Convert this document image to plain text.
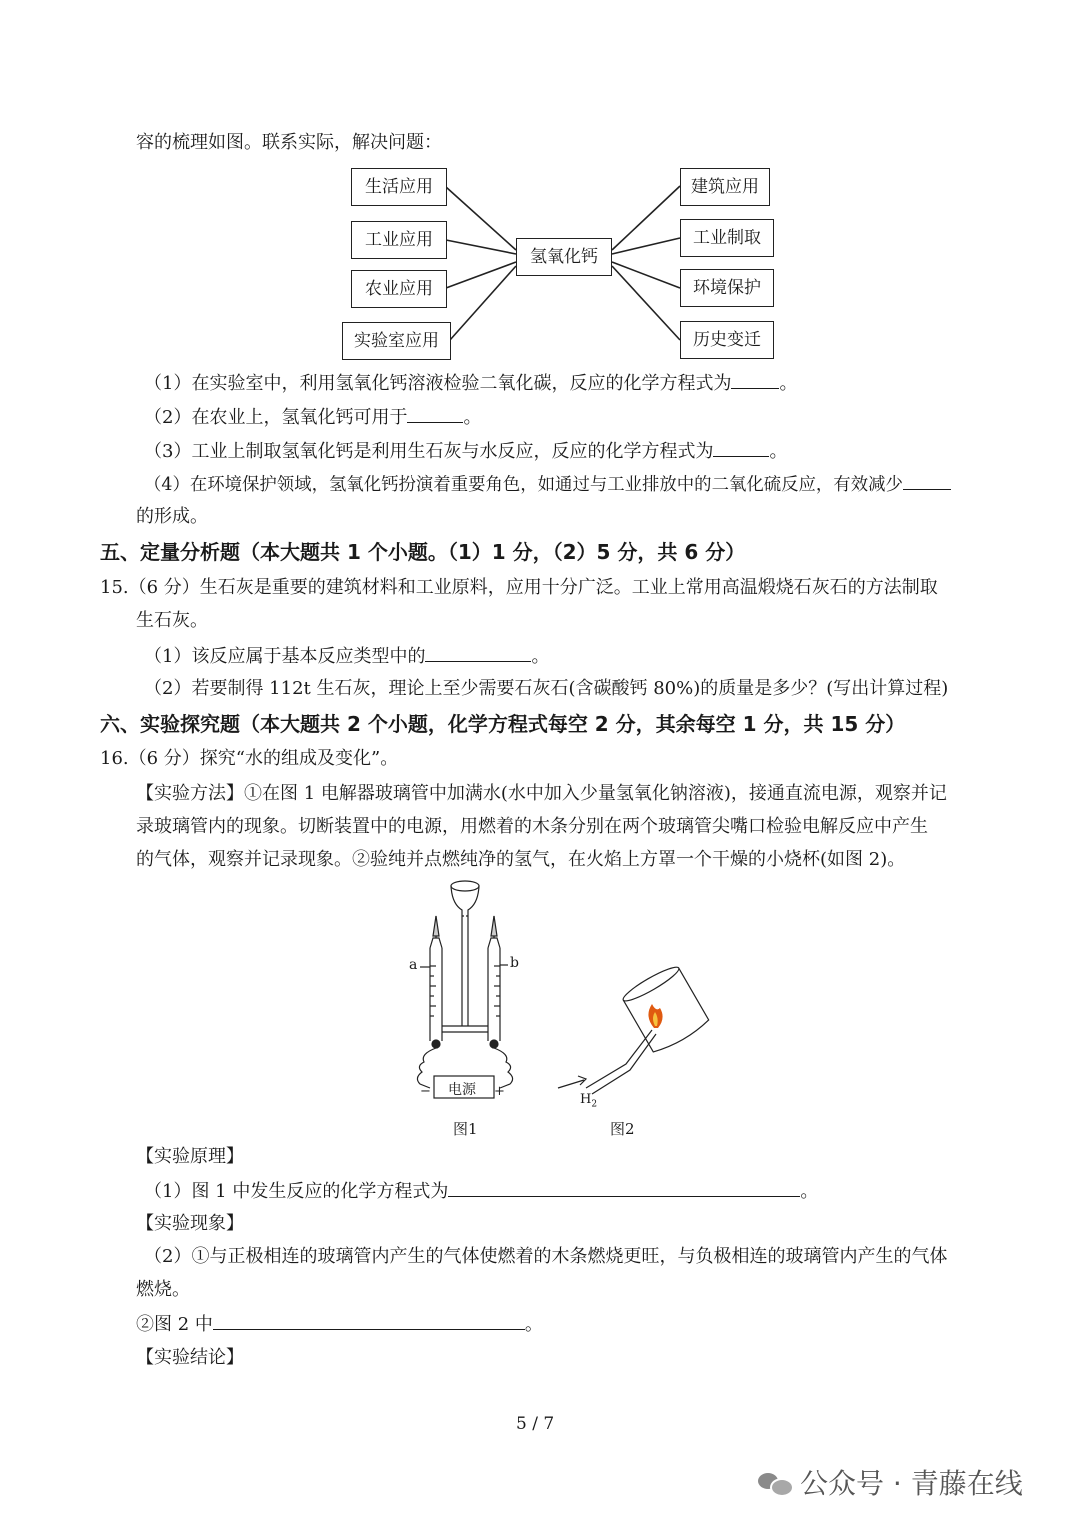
容的梳理如图。联系实际，解决问题：
氢氧化钙
生活应用
工业应用
农业应用
实验室应用
建筑应用
工业制取
环境保护
历史变迁
（1）在实验室中，利用氢氧化钙溶液检验二氧化碳，反应的化学方程式为	。
（2）在农业上，氢氧化钙可用于	。
（3）工业上制取氢氧化钙是利用生石灰与水反应，反应的化学方程式为	。
（4）在环境保护领域，氢氧化钙扮演着重要角色，如通过与工业排放中的二氧化硫反应，有效减少
的形成。
五、定量分析题（本大题共 1 个小题。（1）1 分，（2）5 分，共 6 分）
15.（6 分）生石灰是重要的建筑材料和工业原料，应用十分广泛。工业上常用高温煅烧石灰石的方法制取
生石灰。
（1）该反应属于基本反应类型中的	。
（2）若要制得 112t 生石灰，理论上至少需要石灰石(含碳酸钙 80%)的质量是多少？(写出计算过程)
六、实验探究题（本大题共 2 个小题，化学方程式每空 2 分，其余每空 1 分，共 15 分）
16.（6 分）探究“水的组成及变化”。
【实验方法】①在图 1 电解器玻璃管中加满水(水中加入少量氢氧化钠溶液)，接通直流电源，观察并记
录玻璃管内的现象。切断装置中的电源，用燃着的木条分别在两个玻璃管尖嘴口检验电解反应中产生
的气体，观察并记录现象。②验纯并点燃纯净的氢气，在火焰上方罩一个干燥的小烧杯(如图 2)。
a	b
电源
−	+
$H_2$
图1	图2
【实验原理】
（1）图 1 中发生反应的化学方程式为	。
【实验现象】
（2）①与正极相连的玻璃管内产生的气体使燃着的木条燃烧更旺，与负极相连的玻璃管内产生的气体
燃烧。
②图 2 中	。
【实验结论】
5 / 7
公众号 · 青藤在线
